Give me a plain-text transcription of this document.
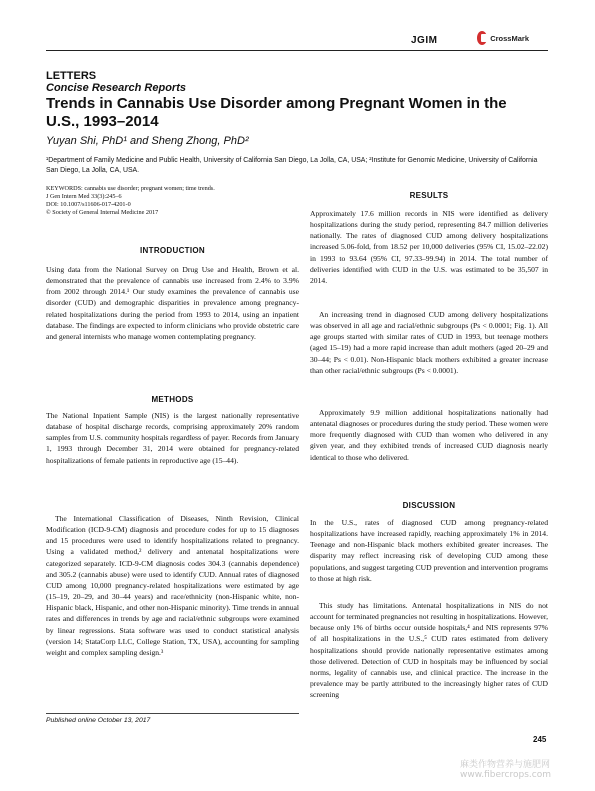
JGIM	CrossMark
LETTERS
Concise Research Reports
Trends in Cannabis Use Disorder among Pregnant Women in the U.S., 1993–2014
Yuyan Shi, PhD¹ and Sheng Zhong, PhD²
¹Department of Family Medicine and Public Health, University of California San Diego, La Jolla, CA, USA; ²Institute for Genomic Medicine, University of California San Diego, La Jolla, CA, USA.
KEYWORDS: cannabis use disorder; pregnant women; time trends.
J Gen Intern Med 33(3):245–6
DOI: 10.1007/s11606-017-4201-0
© Society of General Internal Medicine 2017
INTRODUCTION

Using data from the National Survey on Drug Use and Health, Brown et al. demonstrated that the prevalence of cannabis use increased from 2.4% to 3.9% from 2002 through 2014.¹ Our study examines the prevalence of cannabis use disorder (CUD) and demographic disparities in prevalence among pregnancy-related hospitalizations during the period from 1993 to 2014, using an inpatient database. The findings are expected to inform clinicians who provide obstetric care and general internists who manage women contemplating pregnancy.

METHODS

The National Inpatient Sample (NIS) is the largest nationally representative database of hospital discharge records, comprising approximately 20% random samples from U.S. community hospitals regardless of payer. Records from January 1, 1993 through December 31, 2014 were obtained for pregnancy-related hospitalizations of female patients in reproductive age (15–44).

The International Classification of Diseases, Ninth Revision, Clinical Modification (ICD-9-CM) diagnosis and procedure codes for up to 15 diagnoses and 15 procedures were used to identify hospitalizations related to pregnancy. Using a validated method,² delivery and antenatal hospitalizations were categorized separately. ICD-9-CM diagnosis codes 304.3 (cannabis dependence) and 305.2 (cannabis abuse) were used to identify CUD. Annual rates of diagnosed CUD among 10,000 pregnancy-related hospitalizations were estimated by age (15–19, 20–29, and 30–44 years) and race/ethnicity (non-Hispanic white, non-Hispanic black, Hispanic, and other non-Hispanic minority). Time trends in annual rates and differences in trends by age and racial/ethnic subgroups were examined by linear regressions. Stata software was used to conduct statistical analysis (version 14; StataCorp LLC, College Station, TX, USA), accounting for sampling weight and complex sampling design.³

RESULTS

Approximately 17.6 million records in NIS were identified as delivery hospitalizations during the study period, representing 84.7 million deliveries nationally. The rates of diagnosed CUD among delivery hospitalizations increased 5.06-fold, from 18.52 per 10,000 deliveries (95% CI, 15.02–22.02) in 1993 to 93.64 (95% CI, 97.33–99.94) in 2014. The total number of deliveries identified with CUD in the U.S. was estimated to be 35,507 in 2014.

An increasing trend in diagnosed CUD among delivery hospitalizations was observed in all age and racial/ethnic subgroups (Ps < 0.0001; Fig. 1). All age groups started with similar rates of CUD in 1993, but teenage mothers (aged 15–19) had a more rapid increase than adult mothers (aged 20–29 and 30–44; Ps < 0.01). Non-Hispanic black mothers exhibited a greater increase than other racial/ethnic subgroups (Ps < 0.0001).

Approximately 9.9 million additional hospitalizations nationally had antenatal diagnoses or procedures during the study period. These women were more frequently diagnosed with CUD than women who delivered in any given year, and they exhibited trends of increased CUD diagnosis nearly identical to those who delivered.

DISCUSSION

In the U.S., rates of diagnosed CUD among pregnancy-related hospitalizations have increased rapidly, reaching approximately 1% in 2014. Teenage and non-Hispanic black mothers exhibited greater increases. The disparity may reflect increasing risk of developing CUD among these populations, and suggest targeting CUD prevention and intervention programs to those at high risk.

This study has limitations. Antenatal hospitalizations in NIS do not account for terminated pregnancies not resulting in hospitalizations. However, because only 1% of births occur outside hospitals,⁴ and NIS represents 97% of all hospitalizations in the U.S.,⁵ CUD rates estimated from delivery hospitalizations should provide nationally representative estimates among those delivered. Detection of CUD in hospitals may be influenced by social norms, legality of cannabis use, and clinical practice. The increase in the prevalence may be partly attributed to the increasingly higher rates of CUD screening

Published online October 13, 2017
245
麻类作物营养与施肥网 www.fibercrops.com
